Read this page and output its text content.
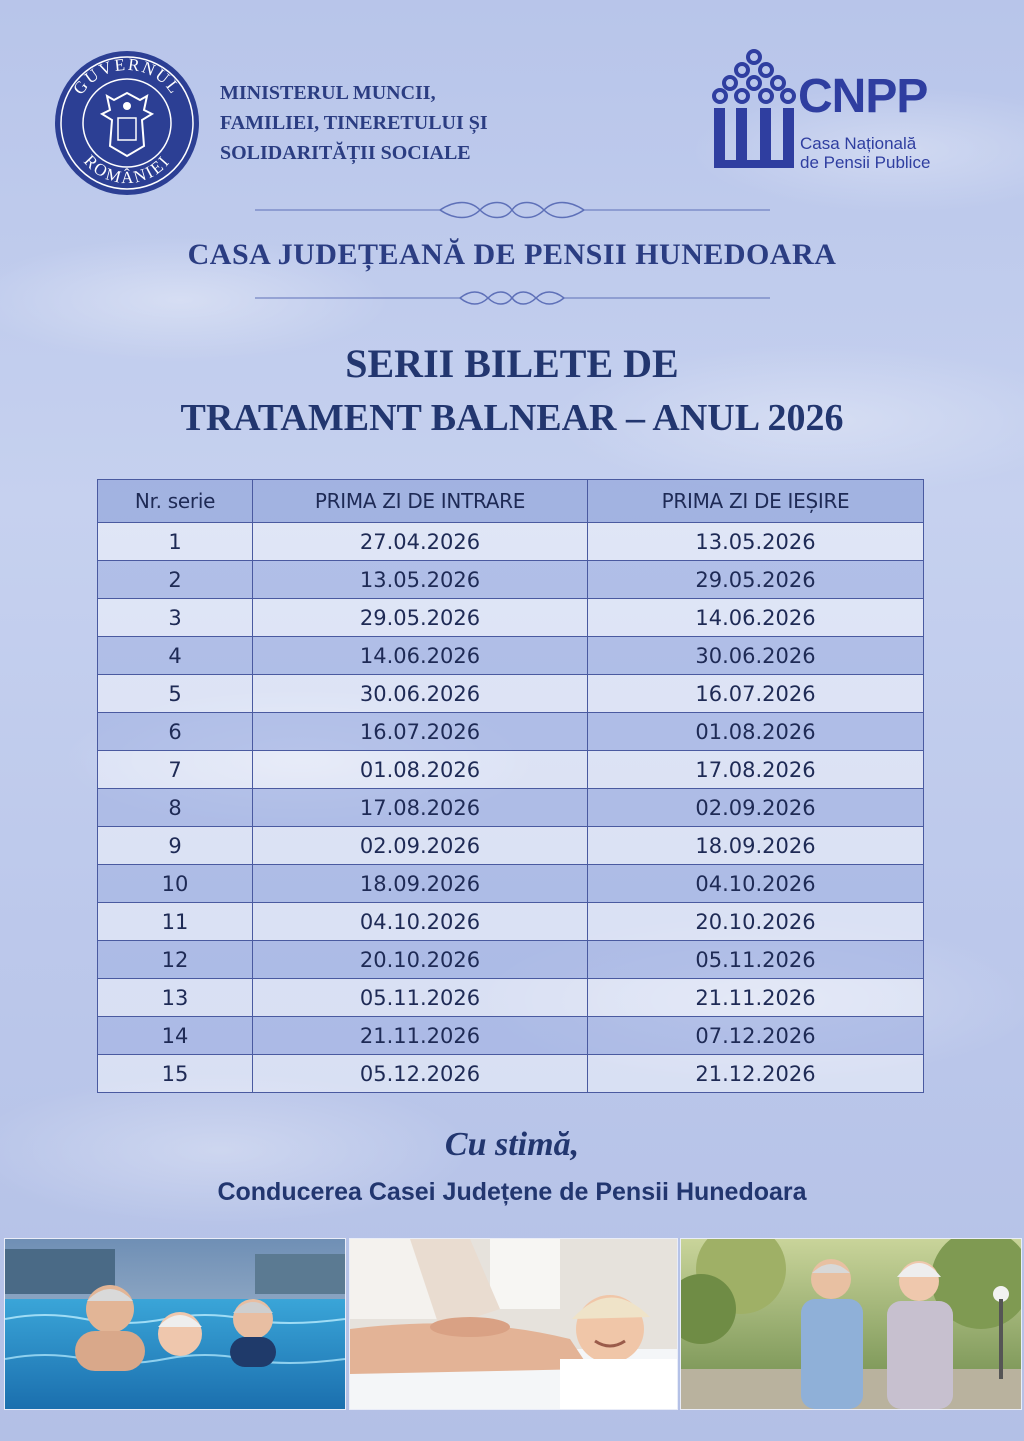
GUVERNUL
ROMÂNIEI
MINISTERUL MUNCII,
FAMILIEI, TINERETULUI ȘI
SOLIDARITĂȚII SOCIALE
CNPP
Casa Națională
de Pensii Publice
CASA JUDEȚEANĂ DE PENSII HUNEDOARA
SERII BILETE DE
TRATAMENT BALNEAR – ANUL 2026
Nr. serie	PRIMA ZI DE INTRARE	PRIMA ZI DE IEȘIRE
1	27.04.2026	13.05.2026
2	13.05.2026	29.05.2026
3	29.05.2026	14.06.2026
4	14.06.2026	30.06.2026
5	30.06.2026	16.07.2026
6	16.07.2026	01.08.2026
7	01.08.2026	17.08.2026
8	17.08.2026	02.09.2026
9	02.09.2026	18.09.2026
10	18.09.2026	04.10.2026
11	04.10.2026	20.10.2026
12	20.10.2026	05.11.2026
13	05.11.2026	21.11.2026
14	21.11.2026	07.12.2026
15	05.12.2026	21.12.2026
Cu stimă,
Conducerea Casei Județene de Pensii Hunedoara
